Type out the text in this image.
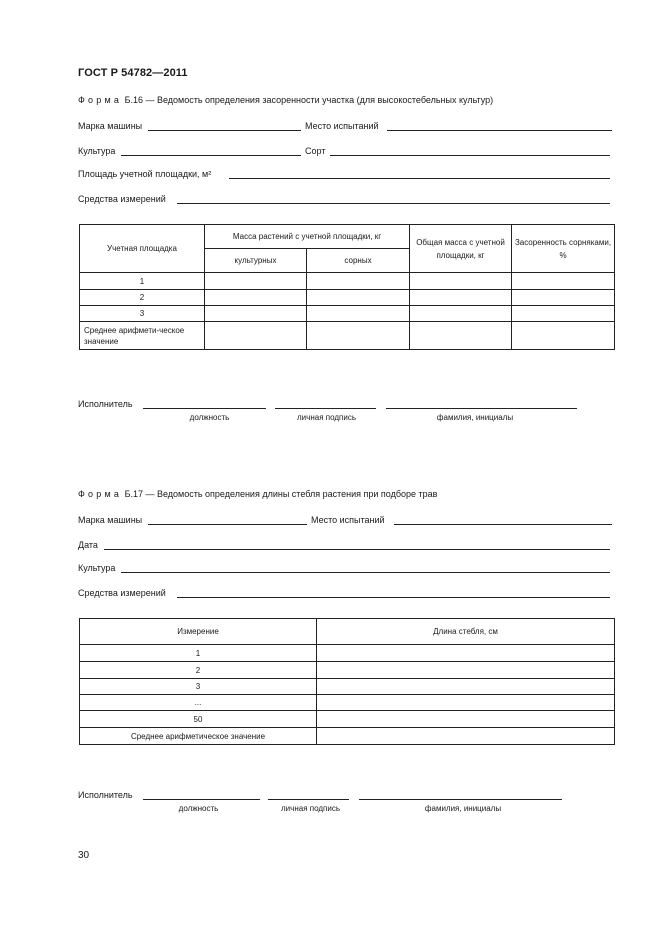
ГОСТ Р 54782—2011
Форма Б.16 — Ведомость определения засоренности участка (для высокостебельных культур)
Марка машины	Место испытаний
Культура	Сорт
Площадь учетной площадки, м²
Средства измерений
Учетная площадка	Масса растений с учетной площадки, кг		Общая масса с учетной площадки, кг	Засоренность сорняками, %
	культурных	сорных		
1				
2				
3				
Среднее арифмети-ческое значение				
Исполнитель
должность	личная подпись	фамилия, инициалы
Форма Б.17 — Ведомость определения длины стебля растения при подборе трав
Марка машины	Место испытаний
Дата
Культура
Средства измерений
Измерение	Длина стебля, см
1	
2	
3	
...	
50	
Среднее арифметическое значение	
Исполнитель
должность	личная подпись	фамилия, инициалы
30
